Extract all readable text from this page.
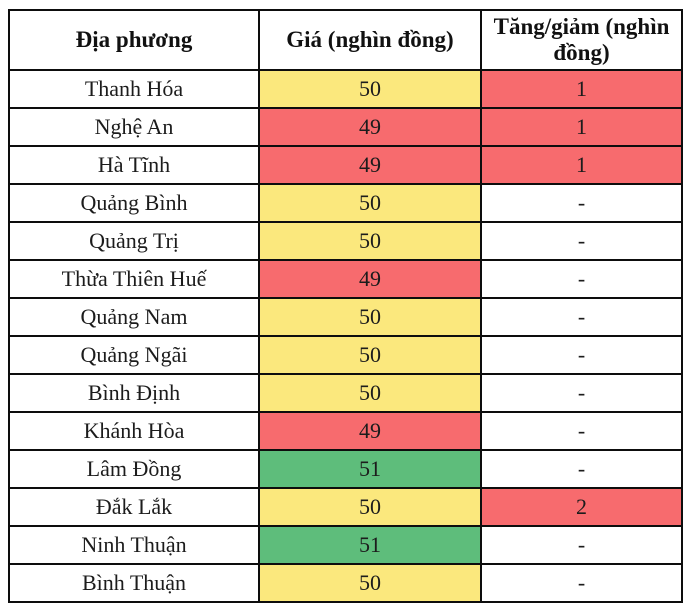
Địa phương	Giá (nghìn đồng)	Tăng/giảm (nghìn đồng)
Thanh Hóa	50	1
Nghệ An	49	1
Hà Tĩnh	49	1
Quảng Bình	50	-
Quảng Trị	50	-
Thừa Thiên Huế	49	-
Quảng Nam	50	-
Quảng Ngãi	50	-
Bình Định	50	-
Khánh Hòa	49	-
Lâm Đồng	51	-
Đắk Lắk	50	2
Ninh Thuận	51	-
Bình Thuận	50	-
